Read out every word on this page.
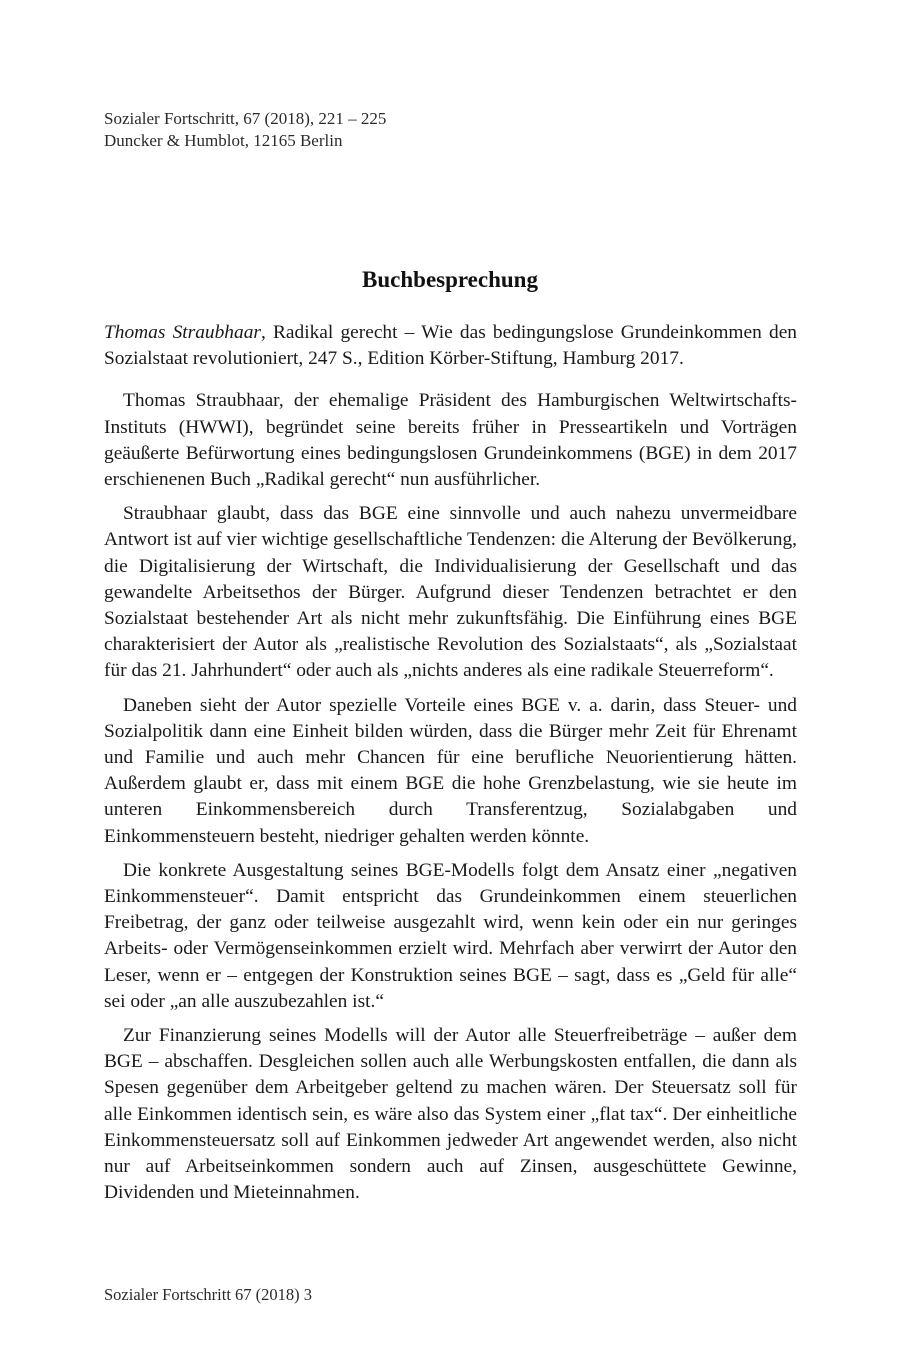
Sozialer Fortschritt, 67 (2018), 221 – 225
Duncker & Humblot, 12165 Berlin
Buchbesprechung

Thomas Straubhaar, Radikal gerecht – Wie das bedingungslose Grundeinkommen den Sozialstaat revolutioniert, 247 S., Edition Körber-Stiftung, Hamburg 2017.

Thomas Straubhaar, der ehemalige Präsident des Hamburgischen Weltwirtschafts-Instituts (HWWI), begründet seine bereits früher in Presseartikeln und Vorträgen geäußerte Befürwortung eines bedingungslosen Grundeinkommens (BGE) in dem 2017 erschienenen Buch „Radikal gerecht“ nun ausführlicher.

Straubhaar glaubt, dass das BGE eine sinnvolle und auch nahezu unvermeidbare Antwort ist auf vier wichtige gesellschaftliche Tendenzen: die Alterung der Bevölkerung, die Digitalisierung der Wirtschaft, die Individualisierung der Gesellschaft und das gewandelte Arbeitsethos der Bürger. Aufgrund dieser Tendenzen betrachtet er den Sozialstaat bestehender Art als nicht mehr zukunftsfähig. Die Einführung eines BGE charakterisiert der Autor als „realistische Revolution des Sozialstaats“, als „Sozialstaat für das 21. Jahrhundert“ oder auch als „nichts anderes als eine radikale Steuerreform“.

Daneben sieht der Autor spezielle Vorteile eines BGE v. a. darin, dass Steuer- und Sozialpolitik dann eine Einheit bilden würden, dass die Bürger mehr Zeit für Ehrenamt und Familie und auch mehr Chancen für eine berufliche Neuorientierung hätten. Außerdem glaubt er, dass mit einem BGE die hohe Grenzbelastung, wie sie heute im unteren Einkommensbereich durch Transferentzug, Sozialabgaben und Einkommensteuern besteht, niedriger gehalten werden könnte.

Die konkrete Ausgestaltung seines BGE-Modells folgt dem Ansatz einer „negativen Einkommensteuer“. Damit entspricht das Grundeinkommen einem steuerlichen Freibetrag, der ganz oder teilweise ausgezahlt wird, wenn kein oder ein nur geringes Arbeits- oder Vermögenseinkommen erzielt wird. Mehrfach aber verwirrt der Autor den Leser, wenn er – entgegen der Konstruktion seines BGE – sagt, dass es „Geld für alle“ sei oder „an alle auszubezahlen ist.“

Zur Finanzierung seines Modells will der Autor alle Steuerfreibeträge – außer dem BGE – abschaffen. Desgleichen sollen auch alle Werbungskosten entfallen, die dann als Spesen gegenüber dem Arbeitgeber geltend zu machen wären. Der Steuersatz soll für alle Einkommen identisch sein, es wäre also das System einer „flat tax“. Der einheitliche Einkommensteuersatz soll auf Einkommen jedweder Art angewendet werden, also nicht nur auf Arbeitseinkommen sondern auch auf Zinsen, ausgeschüttete Gewinne, Dividenden und Mieteinnahmen.

Sozialer Fortschritt 67 (2018) 3
